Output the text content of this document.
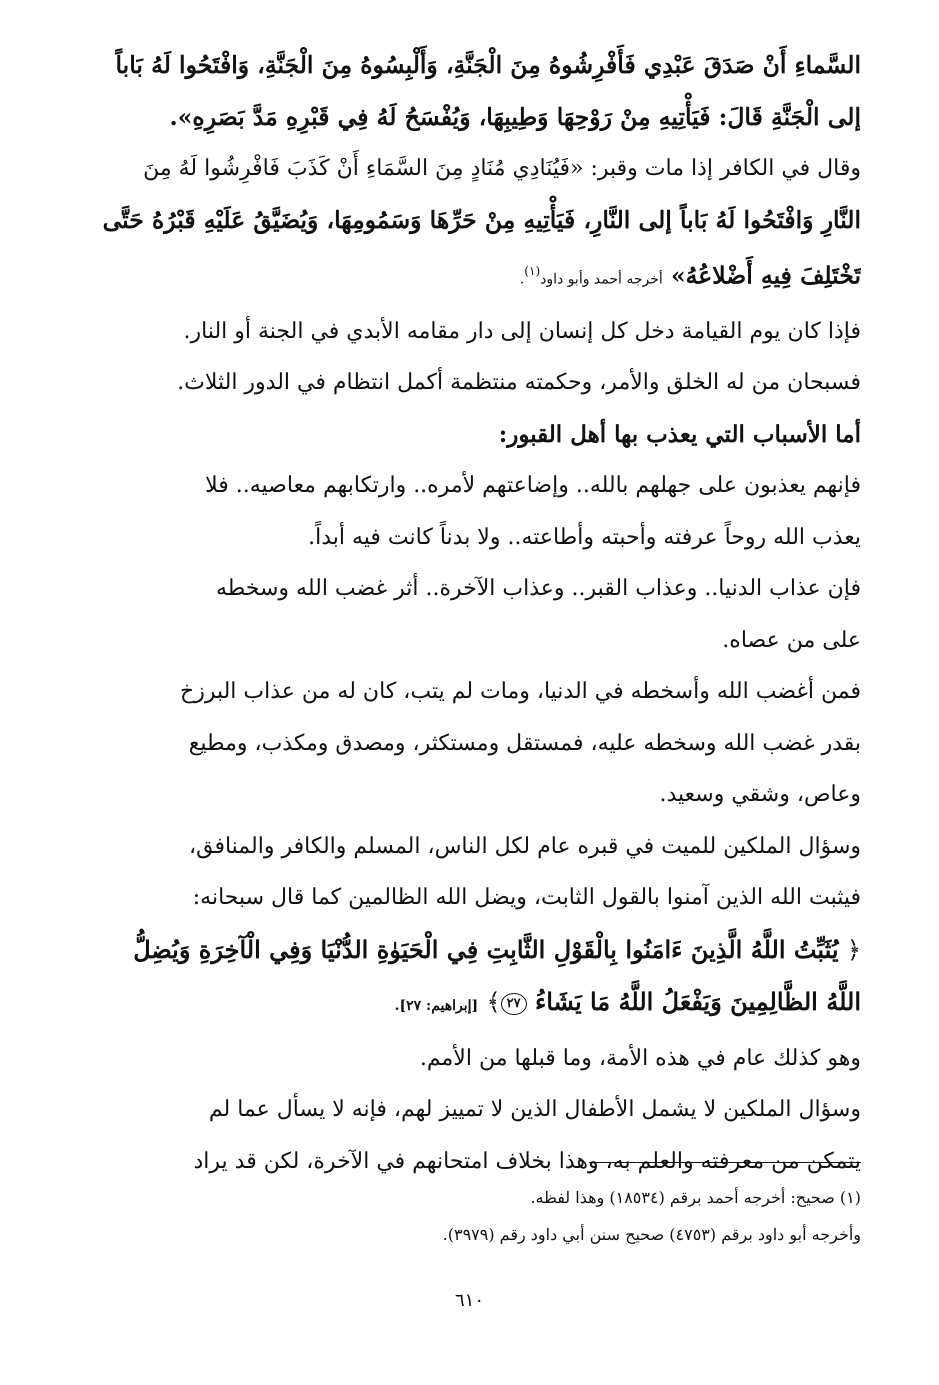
السَّماءِ أَنْ صَدَقَ عَبْدِي فَأَفْرِشُوهُ مِنَ الْجَنَّةِ، وَأَلْبِسُوهُ مِنَ الْجَنَّةِ، وَافْتَحُوا لَهُ بَاباً
إلى الْجَنَّةِ قَالَ: فَيَأْتِيهِ مِنْ رَوْحِهَا وَطِيبِهَا، وَيُفْسَحُ لَهُ فِي قَبْرِهِ مَدَّ بَصَرِهِ».
وقال في الكافر إذا مات وقبر: «فَيُنَادِي مُنَادٍ مِنَ السَّمَاءِ أَنْ كَذَبَ فَافْرِشُوا لَهُ مِنَ
النَّارِ وَافْتَحُوا لَهُ بَاباً إلى النَّارِ، فَيَأْتِيهِ مِنْ حَرِّهَا وَسَمُومِهَا، وَيُضَيَّقُ عَلَيْهِ قَبْرُهُ حَتَّى
تَخْتَلِفَ فِيهِ أَضْلاعُهُ» أخرجه أحمد وأبو داود$^{(١)}$.
فإذا كان يوم القيامة دخل كل إنسان إلى دار مقامه الأبدي في الجنة أو النار.
فسبحان من له الخلق والأمر، وحكمته منتظمة أكمل انتظام في الدور الثلاث.
أما الأسباب التي يعذب بها أهل القبور:
فإنهم يعذبون على جهلهم بالله.. وإضاعتهم لأمره.. وارتكابهم معاصيه.. فلا
يعذب الله روحاً عرفته وأحبته وأطاعته.. ولا بدناً كانت فيه أبداً.
فإن عذاب الدنيا.. وعذاب القبر.. وعذاب الآخرة.. أثر غضب الله وسخطه
على من عصاه.
فمن أغضب الله وأسخطه في الدنيا، ومات لم يتب، كان له من عذاب البرزخ
بقدر غضب الله وسخطه عليه، فمستقل ومستكثر، ومصدق ومكذب، ومطيع
وعاص، وشقي وسعيد.
وسؤال الملكين للميت في قبره عام لكل الناس، المسلم والكافر والمنافق،
فيثبت الله الذين آمنوا بالقول الثابت، ويضل الله الظالمين كما قال سبحانه:
﴿ يُثَبِّتُ اللَّهُ الَّذِينَ ءَامَنُوا بِالْقَوْلِ الثَّابِتِ فِي الْحَيَوٰةِ الدُّنْيَا وَفِي الْآخِرَةِ وَيُضِلُّ
اللَّهُ الظَّالِمِينَ وَيَفْعَلُ اللَّهُ مَا يَشَاءُ ٢٧﴾ [إبراهيم: ٢٧].
وهو كذلك عام في هذه الأمة، وما قبلها من الأمم.
وسؤال الملكين لا يشمل الأطفال الذين لا تمييز لهم، فإنه لا يسأل عما لم
يتمكن من معرفته والعلم به، وهذا بخلاف امتحانهم في الآخرة، لكن قد يراد
(١) صحيح: أخرجه أحمد برقم (١٨٥٣٤) وهذا لفظه.
وأخرجه أبو داود برقم (٤٧٥٣) صحيح سنن أبي داود رقم (٣٩٧٩).
٦١٠
